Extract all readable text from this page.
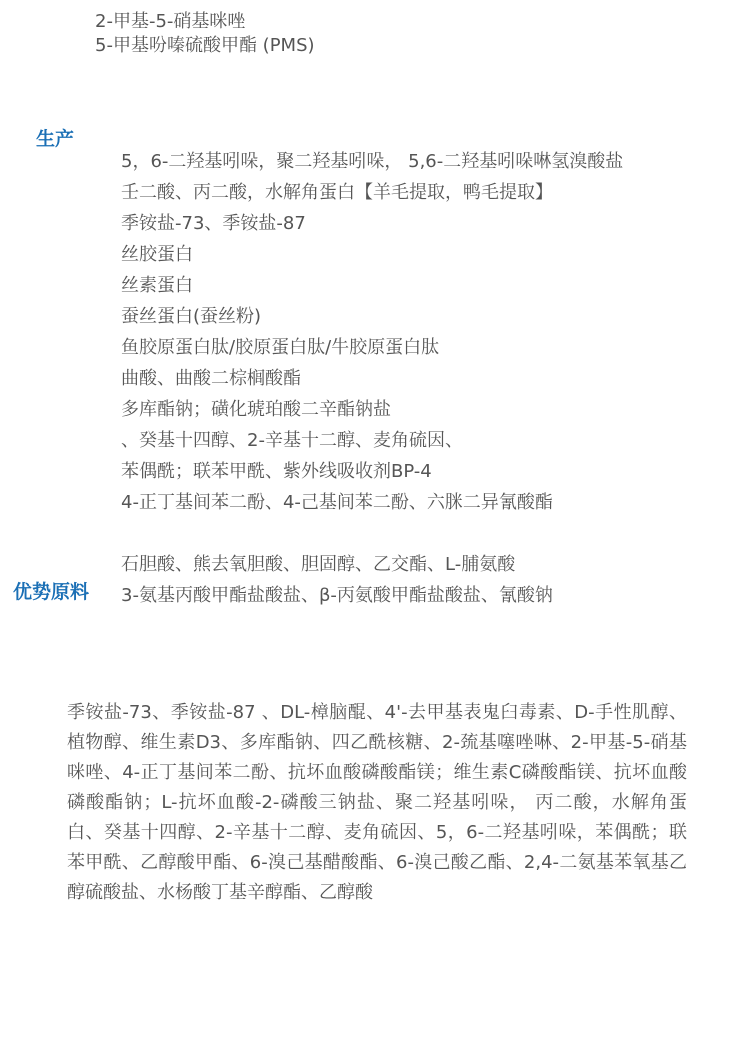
2-甲基-5-硝基咪唑
5-甲基吩嗪硫酸甲酯 (PMS)
生产
5，6-二羟基吲哚，聚二羟基吲哚， 5,6-二羟基吲哚啉氢溴酸盐
壬二酸、丙二酸，水解角蛋白【羊毛提取，鸭毛提取】
季铵盐-73、季铵盐-87
丝胶蛋白
丝素蛋白
蚕丝蛋白(蚕丝粉)
鱼胶原蛋白肽/胶原蛋白肽/牛胶原蛋白肽
曲酸、曲酸二棕榈酸酯
多库酯钠；磺化琥珀酸二辛酯钠盐
、癸基十四醇、2-辛基十二醇、麦角硫因、
苯偶酰；联苯甲酰、紫外线吸收剂BP-4
4-正丁基间苯二酚、4-己基间苯二酚、六脒二异氰酸酯
石胆酸、熊去氧胆酸、胆固醇、乙交酯、L-脯氨酸
3-氨基丙酸甲酯盐酸盐、β-丙氨酸甲酯盐酸盐、氰酸钠
优势原料
季铵盐-73、季铵盐-87 、DL-樟脑醌、4'-去甲基表鬼臼毒素、D-手性肌醇、植物醇、维生素D3、多库酯钠、四乙酰核糖、2-巯基噻唑啉、2-甲基-5-硝基咪唑、4-正丁基间苯二酚、抗坏血酸磷酸酯镁；维生素C磷酸酯镁、抗坏血酸磷酸酯钠；L-抗坏血酸-2-磷酸三钠盐、聚二羟基吲哚， 丙二酸，水解角蛋白、癸基十四醇、2-辛基十二醇、麦角硫因、5，6-二羟基吲哚，苯偶酰；联苯甲酰、乙醇酸甲酯、6-溴己基醋酸酯、6-溴己酸乙酯、2,4-二氨基苯氧基乙醇硫酸盐、水杨酸丁基辛醇酯、乙醇酸
